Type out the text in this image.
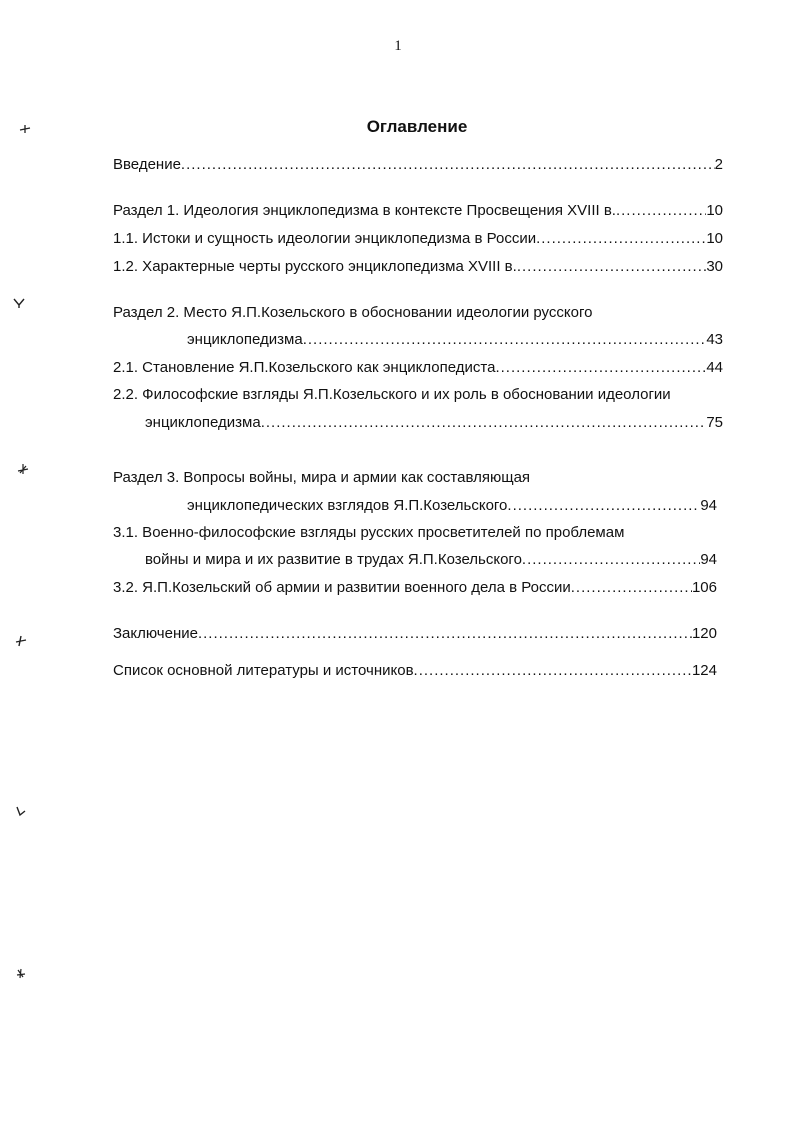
1
Оглавление
Введение .....	2
Раздел 1. Идеология энциклопедизма в контексте Просвещения XVIII в. .....	10
1.1. Истоки и сущность идеологии энциклопедизма в России .....	10
1.2. Характерные черты русского энциклопедизма XVIII в. .....	30
Раздел 2. Место Я.П.Козельского в обосновании идеологии русского
энциклопедизма .....	43
2.1. Становление Я.П.Козельского как энциклопедиста .....	44
2.2. Философские взгляды Я.П.Козельского и их роль в обосновании идеологии
энциклопедизма .....	75
Раздел 3. Вопросы войны, мира и армии как составляющая
энциклопедических взглядов Я.П.Козельского .....	94
3.1. Военно-философские взгляды русских просветителей по проблемам
войны и мира и их развитие в трудах Я.П.Козельского .....	94
3.2. Я.П.Козельский об армии и развитии военного дела в России .....	106
Заключение .....	120
Список основной литературы и источников .....	124
